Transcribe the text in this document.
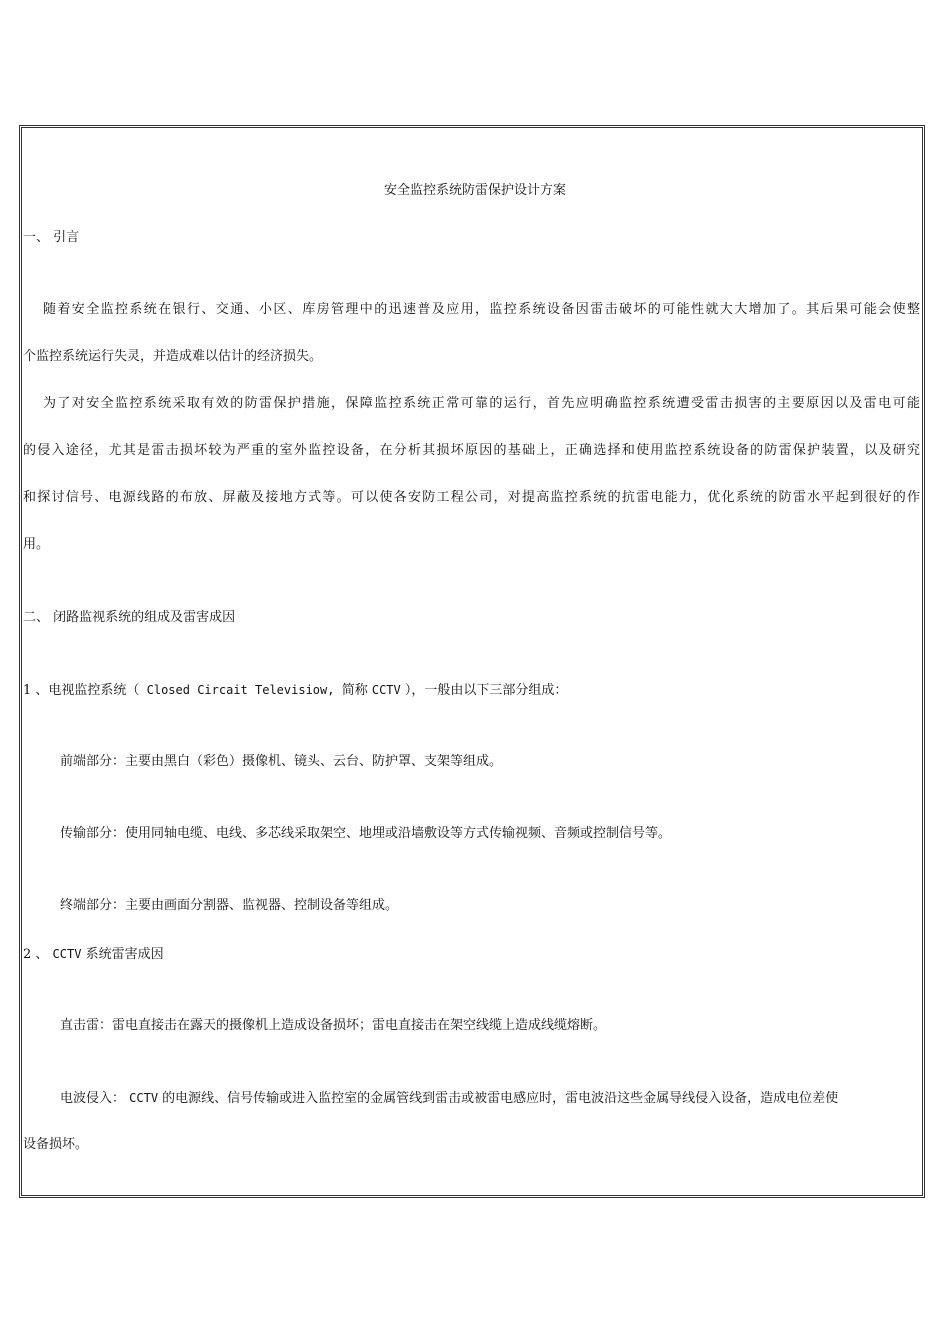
安全监控系统防雷保护设计方案
一、 引言
随着安全监控系统在银行、交通、小区、库房管理中的迅速普及应用，监控系统设备因雷击破坏的可能性就大大增加了。其后果可能会使整
个监控系统运行失灵，并造成难以估计的经济损失。
为了对安全监控系统采取有效的防雷保护措施，保障监控系统正常可靠的运行，首先应明确监控系统遭受雷击损害的主要原因以及雷电可能
的侵入途径，尤其是雷击损坏较为严重的室外监控设备，在分析其损坏原因的基础上，正确选择和使用监控系统设备的防雷保护装置，以及研究
和探讨信号、电源线路的布放、屏蔽及接地方式等。可以使各安防工程公司，对提高监控系统的抗雷电能力，优化系统的防雷水平起到很好的作
用。
二、 闭路监视系统的组成及雷害成因
1 、电视监控系统（ Closed Circait Televisiow, 简称 CCTV ），一般由以下三部分组成：
前端部分：主要由黑白（彩色）摄像机、镜头、云台、防护罩、支架等组成。
传输部分：使用同轴电缆、电线、多芯线采取架空、地埋或沿墙敷设等方式传输视频、音频或控制信号等。
终端部分：主要由画面分割器、监视器、控制设备等组成。
2 、 CCTV 系统雷害成因
直击雷：雷电直接击在露天的摄像机上造成设备损坏；雷电直接击在架空线缆上造成线缆熔断。
电波侵入： CCTV 的电源线、信号传输或进入监控室的金属管线到雷击或被雷电感应时，雷电波沿这些金属导线侵入设备，造成电位差使
设备损坏。
